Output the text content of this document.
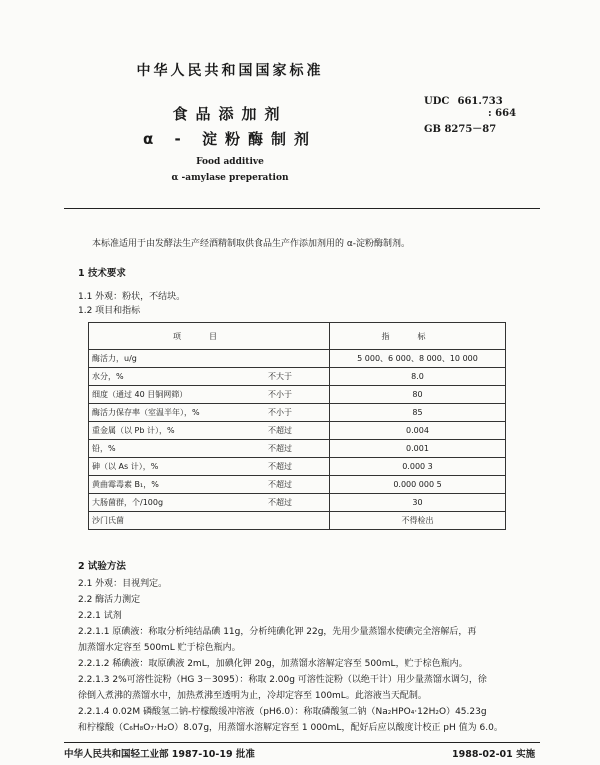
中华人民共和国国家标准
食品添加剂
α - 淀粉酶制剂
Food additive
α -amylase preperation
UDC 661.733
: 664
GB 8275－87
本标准适用于由发酵法生产经酒精制取供食品生产作添加剂用的 α-淀粉酶制剂。
1 技术要求
1.1 外观：粉状，不结块。
1.2 项目和指标
项目		指标
酶活力，u/g		5 000、6 000、8 000、10 000
水分，%	不大于	8.0
细度（通过 40 目铜网筛）	不小于	80
酶活力保存率（室温半年），%	不小于	85
重金属（以 Pb 计），%	不超过	0.004
铅，%	不超过	0.001
砷（以 As 计），%	不超过	0.000 3
黄曲霉毒素 B₁，%	不超过	0.000 000 5
大肠菌群，个/100g	不超过	30
沙门氏菌		不得检出
2 试验方法
2.1 外观：目视判定。
2.2 酶活力测定
2.2.1 试剂
2.2.1.1 原碘液：称取分析纯结晶碘 11g，分析纯碘化钾 22g，先用少量蒸馏水使碘完全溶解后，再
加蒸馏水定容至 500mL 贮于棕色瓶内。
2.2.1.2 稀碘液：取原碘液 2mL，加碘化钾 20g，加蒸馏水溶解定容至 500mL，贮于棕色瓶内。
2.2.1.3 2%可溶性淀粉（HG 3－3095）：称取 2.00g 可溶性淀粉（以绝干计）用少量蒸馏水调匀，徐
徐倒入煮沸的蒸馏水中，加热煮沸至透明为止，冷却定容至 100mL。此溶液当天配制。
2.2.1.4 0.02M 磷酸氢二钠-柠檬酸缓冲溶液（pH6.0）：称取磷酸氢二钠（Na₂HPO₄·12H₂O）45.23g
和柠檬酸（C₆H₈O₇·H₂O）8.07g，用蒸馏水溶解定容至 1 000mL，配好后应以酸度计校正 pH 值为 6.0。
中华人民共和国轻工业部 1987-10-19 批准	1988-02-01 实施
